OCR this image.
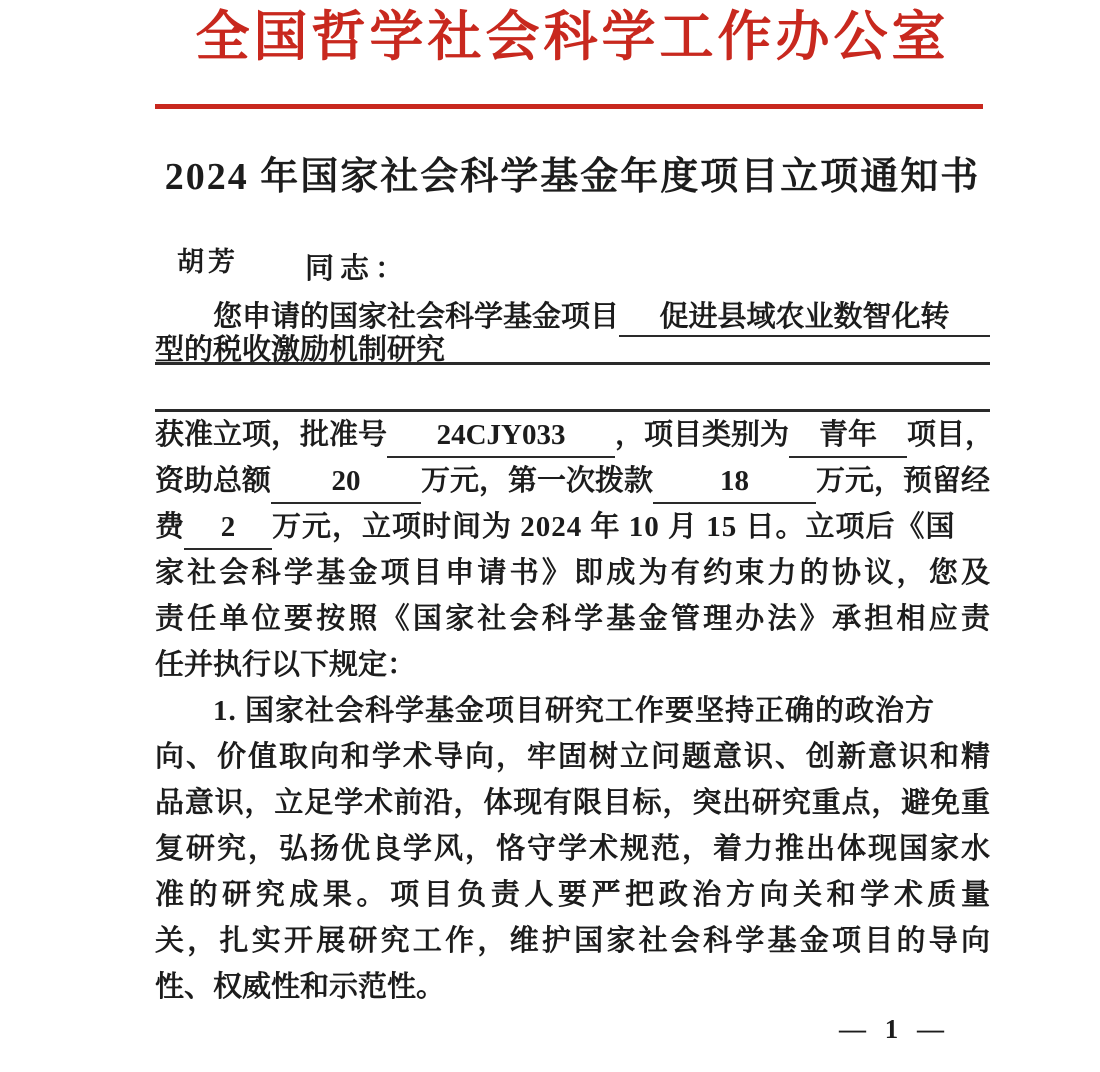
全国哲学社会科学工作办公室
2024 年国家社会科学基金年度项目立项通知书
胡芳 同志：
您申请的国家社会科学基金项目	促进县域农业数智化转
型的税收激励机制研究
获准立项，批准号	24CJY033	，项目类别为	青年	项目，
资助总额	20	万元，第一次拨款	18	万元，预留经
费	2	万元，立项时间为 2024 年 10 月 15 日。立项后《国
家社会科学基金项目申请书》即成为有约束力的协议，您及
责任单位要按照《国家社会科学基金管理办法》承担相应责
任并执行以下规定：
1. 国家社会科学基金项目研究工作要坚持正确的政治方
向、价值取向和学术导向，牢固树立问题意识、创新意识和精
品意识，立足学术前沿，体现有限目标，突出研究重点，避免重
复研究，弘扬优良学风，恪守学术规范，着力推出体现国家水
准的研究成果。项目负责人要严把政治方向关和学术质量
关，扎实开展研究工作，维护国家社会科学基金项目的导向
性、权威性和示范性。
— 1 —
